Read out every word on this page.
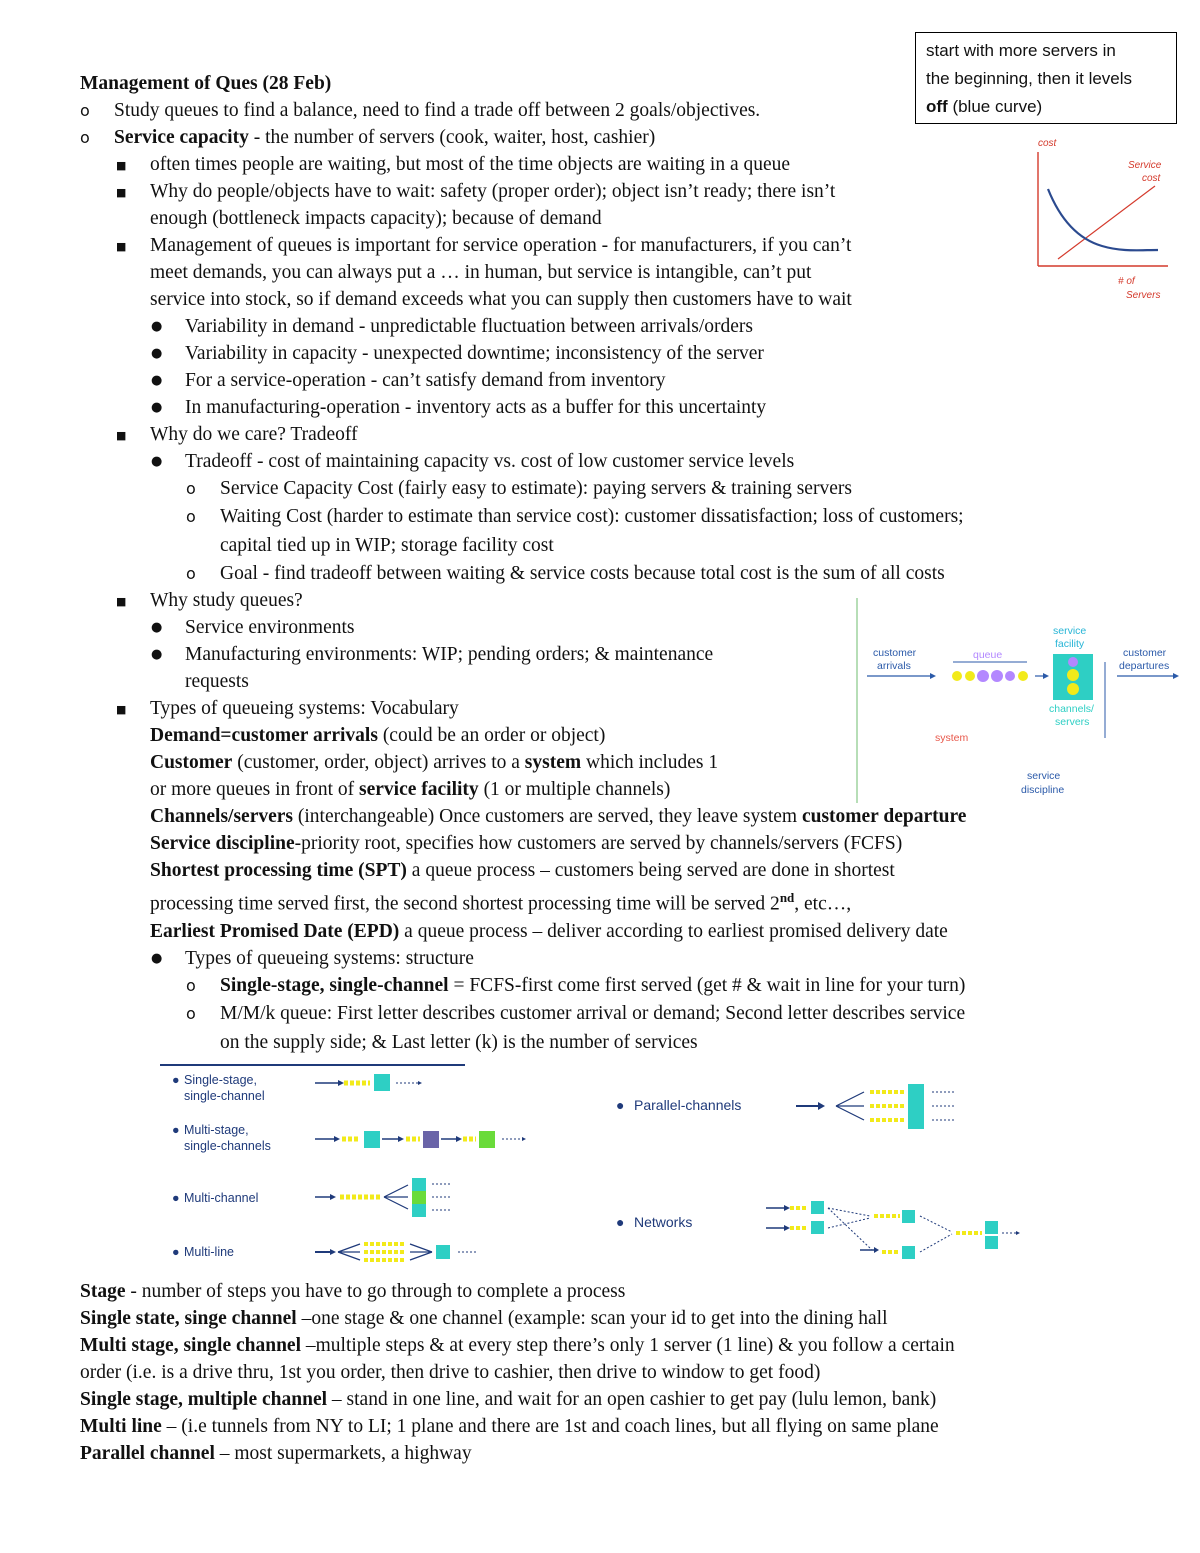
start with more servers in
the beginning, then it levels
off (blue curve)
cost
Service
cost
# of
Servers
Management of Ques (28 Feb)
o Study queues to find a balance, need to find a trade off between 2 goals/objectives.
o Service capacity - the number of servers (cook, waiter, host, cashier)
■ often times people are waiting, but most of the time objects are waiting in a queue
■ Why do people/objects have to wait: safety (proper order); object isn’t ready; there isn’t
enough (bottleneck impacts capacity); because of demand
■ Management of queues is important for service operation - for manufacturers, if you can’t
meet demands, you can always put a … in human, but service is intangible, can’t put
service into stock, so if demand exceeds what you can supply then customers have to wait
● Variability in demand - unpredictable fluctuation between arrivals/orders
● Variability in capacity - unexpected downtime; inconsistency of the server
● For a service-operation - can’t satisfy demand from inventory
● In manufacturing-operation - inventory acts as a buffer for this uncertainty
■ Why do we care? Tradeoff
● Tradeoff - cost of maintaining capacity vs. cost of low customer service levels
o Service Capacity Cost (fairly easy to estimate): paying servers & training servers
o Waiting Cost (harder to estimate than service cost): customer dissatisfaction; loss of customers;
capital tied up in WIP; storage facility cost
o Goal - find tradeoff between waiting & service costs because total cost is the sum of all costs
■ Why study queues?
● Service environments
● Manufacturing environments: WIP; pending orders; & maintenance
requests
■ Types of queueing systems: Vocabulary
Demand=customer arrivals (could be an order or object)
Customer (customer, order, object) arrives to a system which includes 1
or more queues in front of service facility (1 or multiple channels)
Channels/servers (interchangeable) Once customers are served, they leave system customer departure
Service discipline-priority root, specifies how customers are served by channels/servers (FCFS)
Shortest processing time (SPT) a queue process – customers being served are done in shortest
processing time served first, the second shortest processing time will be served 2nd, etc…,
Earliest Promised Date (EPD) a queue process – deliver according to earliest promised delivery date
● Types of queueing systems: structure
o Single-stage, single-channel = FCFS-first come first served (get # & wait in line for your turn)
o M/M/k queue: First letter describes customer arrival or demand; Second letter describes service
on the supply side; & Last letter (k) is the number of services
customer
arrivals
queue
service
facility
channels/
servers
customer
departures
system
service
discipline
● Single-stage,
single-channel
● Multi-stage,
single-channels
● Multi-channel
● Multi-line
● Parallel-channels
● Networks
Stage - number of steps you have to go through to complete a process
Single state, singe channel –one stage & one channel (example: scan your id to get into the dining hall
Multi stage, single channel –multiple steps & at every step there’s only 1 server (1 line) & you follow a certain
order (i.e. is a drive thru, 1st you order, then drive to cashier, then drive to window to get food)
Single stage, multiple channel – stand in one line, and wait for an open cashier to get pay (lulu lemon, bank)
Multi line – (i.e tunnels from NY to LI; 1 plane and there are 1st and coach lines, but all flying on same plane
Parallel channel – most supermarkets, a highway
